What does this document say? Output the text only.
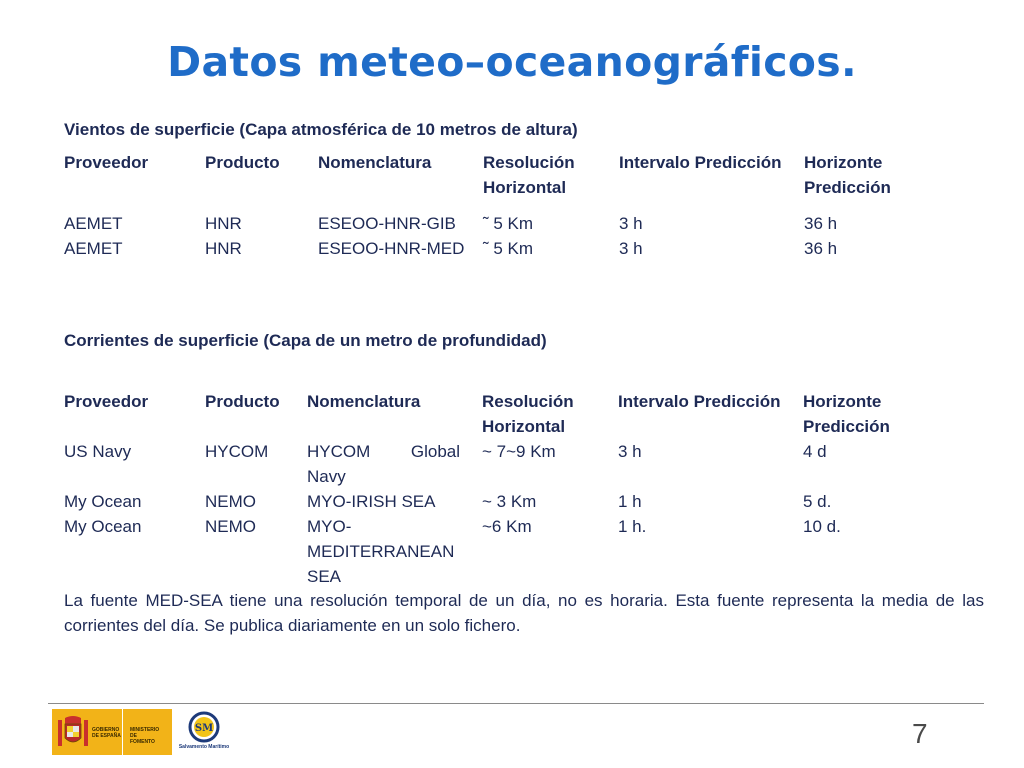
Datos meteo–oceanográficos.
Vientos de superficie (Capa atmosférica de 10 metros de altura)
Proveedor	Producto	Nomenclatura	Resolución Horizontal	Intervalo Predicción	Horizonte Predicción

AEMET	HNR	ESEOO-HNR-GIB	˜ 5 Km	3 h	36 h
AEMET	HNR	ESEOO-HNR-MED	˜ 5 Km	3 h	36 h
Corrientes de superficie (Capa de un metro de profundidad)
Proveedor	Producto	Nomenclatura	Resolución Horizontal	Intervalo Predicción	Horizonte Predicción
US Navy	HYCOM	HYCOM Global Navy	~ 7~9 Km	3 h	4 d
My Ocean	NEMO	MYO-IRISH SEA	~ 3 Km	1 h	5 d.
My Ocean	NEMO	MYO-MEDITERRANEAN SEA	~6 Km	1 h.	10 d.
La fuente MED-SEA tiene una resolución temporal de un día, no es horaria. Esta fuente representa la media de las corrientes del día. Se publica diariamente en un solo fichero.
GOBIERNO DE ESPAÑA
MINISTERIO DE FOMENTO
SM
Salvamento Marítimo	7
